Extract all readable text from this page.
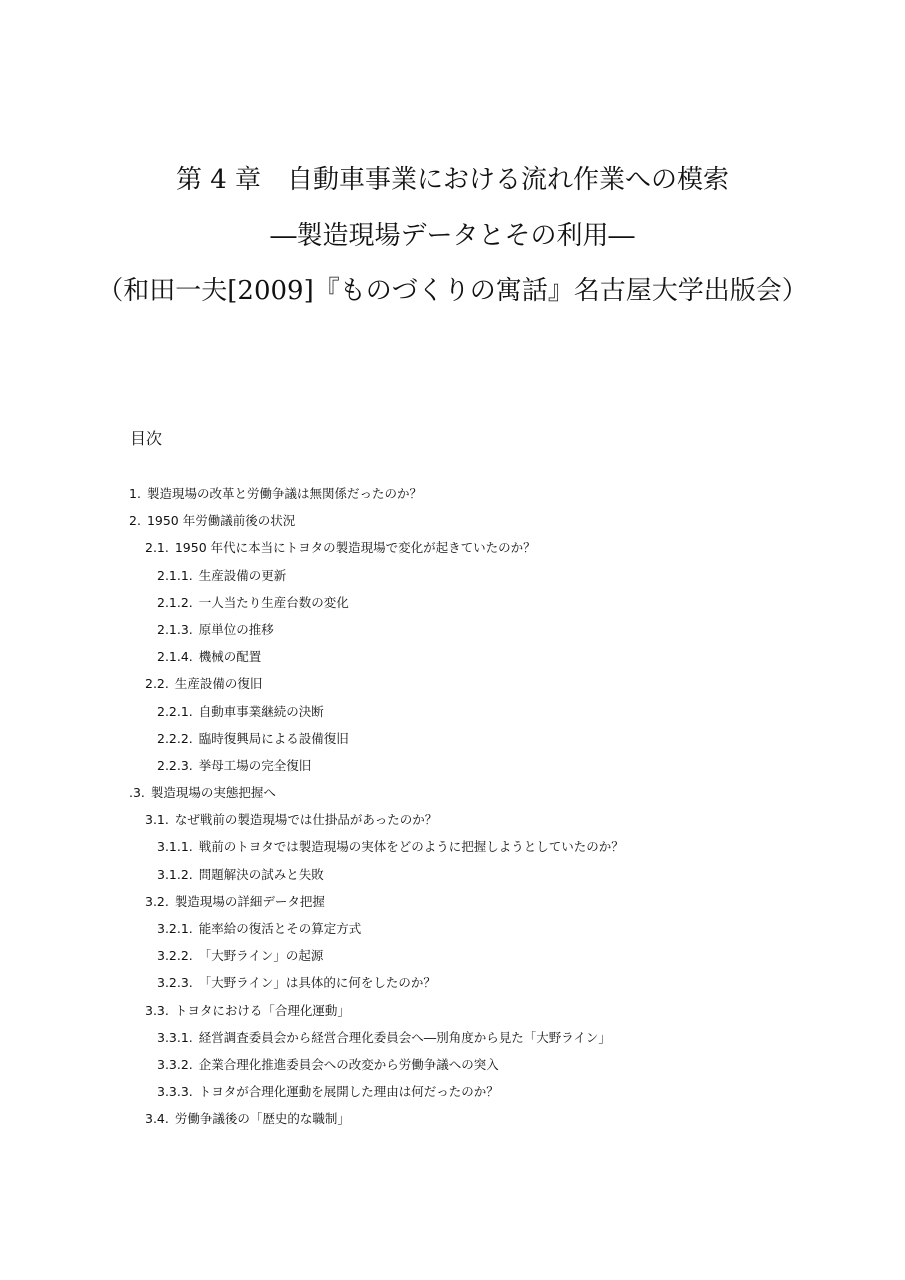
第 4 章　自動車事業における流れ作業への模索
―製造現場データとその利用―
（和田一夫[2009]『ものづくりの寓話』名古屋大学出版会）
目次
1. 製造現場の改革と労働争議は無関係だったのか？
2. 1950 年労働議前後の状況
2.1. 1950 年代に本当にトヨタの製造現場で変化が起きていたのか？
2.1.1. 生産設備の更新
2.1.2. 一人当たり生産台数の変化
2.1.3. 原単位の推移
2.1.4. 機械の配置
2.2. 生産設備の復旧
2.2.1. 自動車事業継続の決断
2.2.2. 臨時復興局による設備復旧
2.2.3. 挙母工場の完全復旧
.3. 製造現場の実態把握へ
3.1. なぜ戦前の製造現場では仕掛品があったのか？
3.1.1. 戦前のトヨタでは製造現場の実体をどのように把握しようとしていたのか？
3.1.2. 問題解決の試みと失敗
3.2. 製造現場の詳細データ把握
3.2.1. 能率給の復活とその算定方式
3.2.2. 「大野ライン」の起源
3.2.3. 「大野ライン」は具体的に何をしたのか？
3.3. トヨタにおける「合理化運動」
3.3.1. 経営調査委員会から経営合理化委員会へ―別角度から見た「大野ライン」
3.3.2. 企業合理化推進委員会への改変から労働争議への突入
3.3.3. トヨタが合理化運動を展開した理由は何だったのか？
3.4. 労働争議後の「歴史的な職制」
